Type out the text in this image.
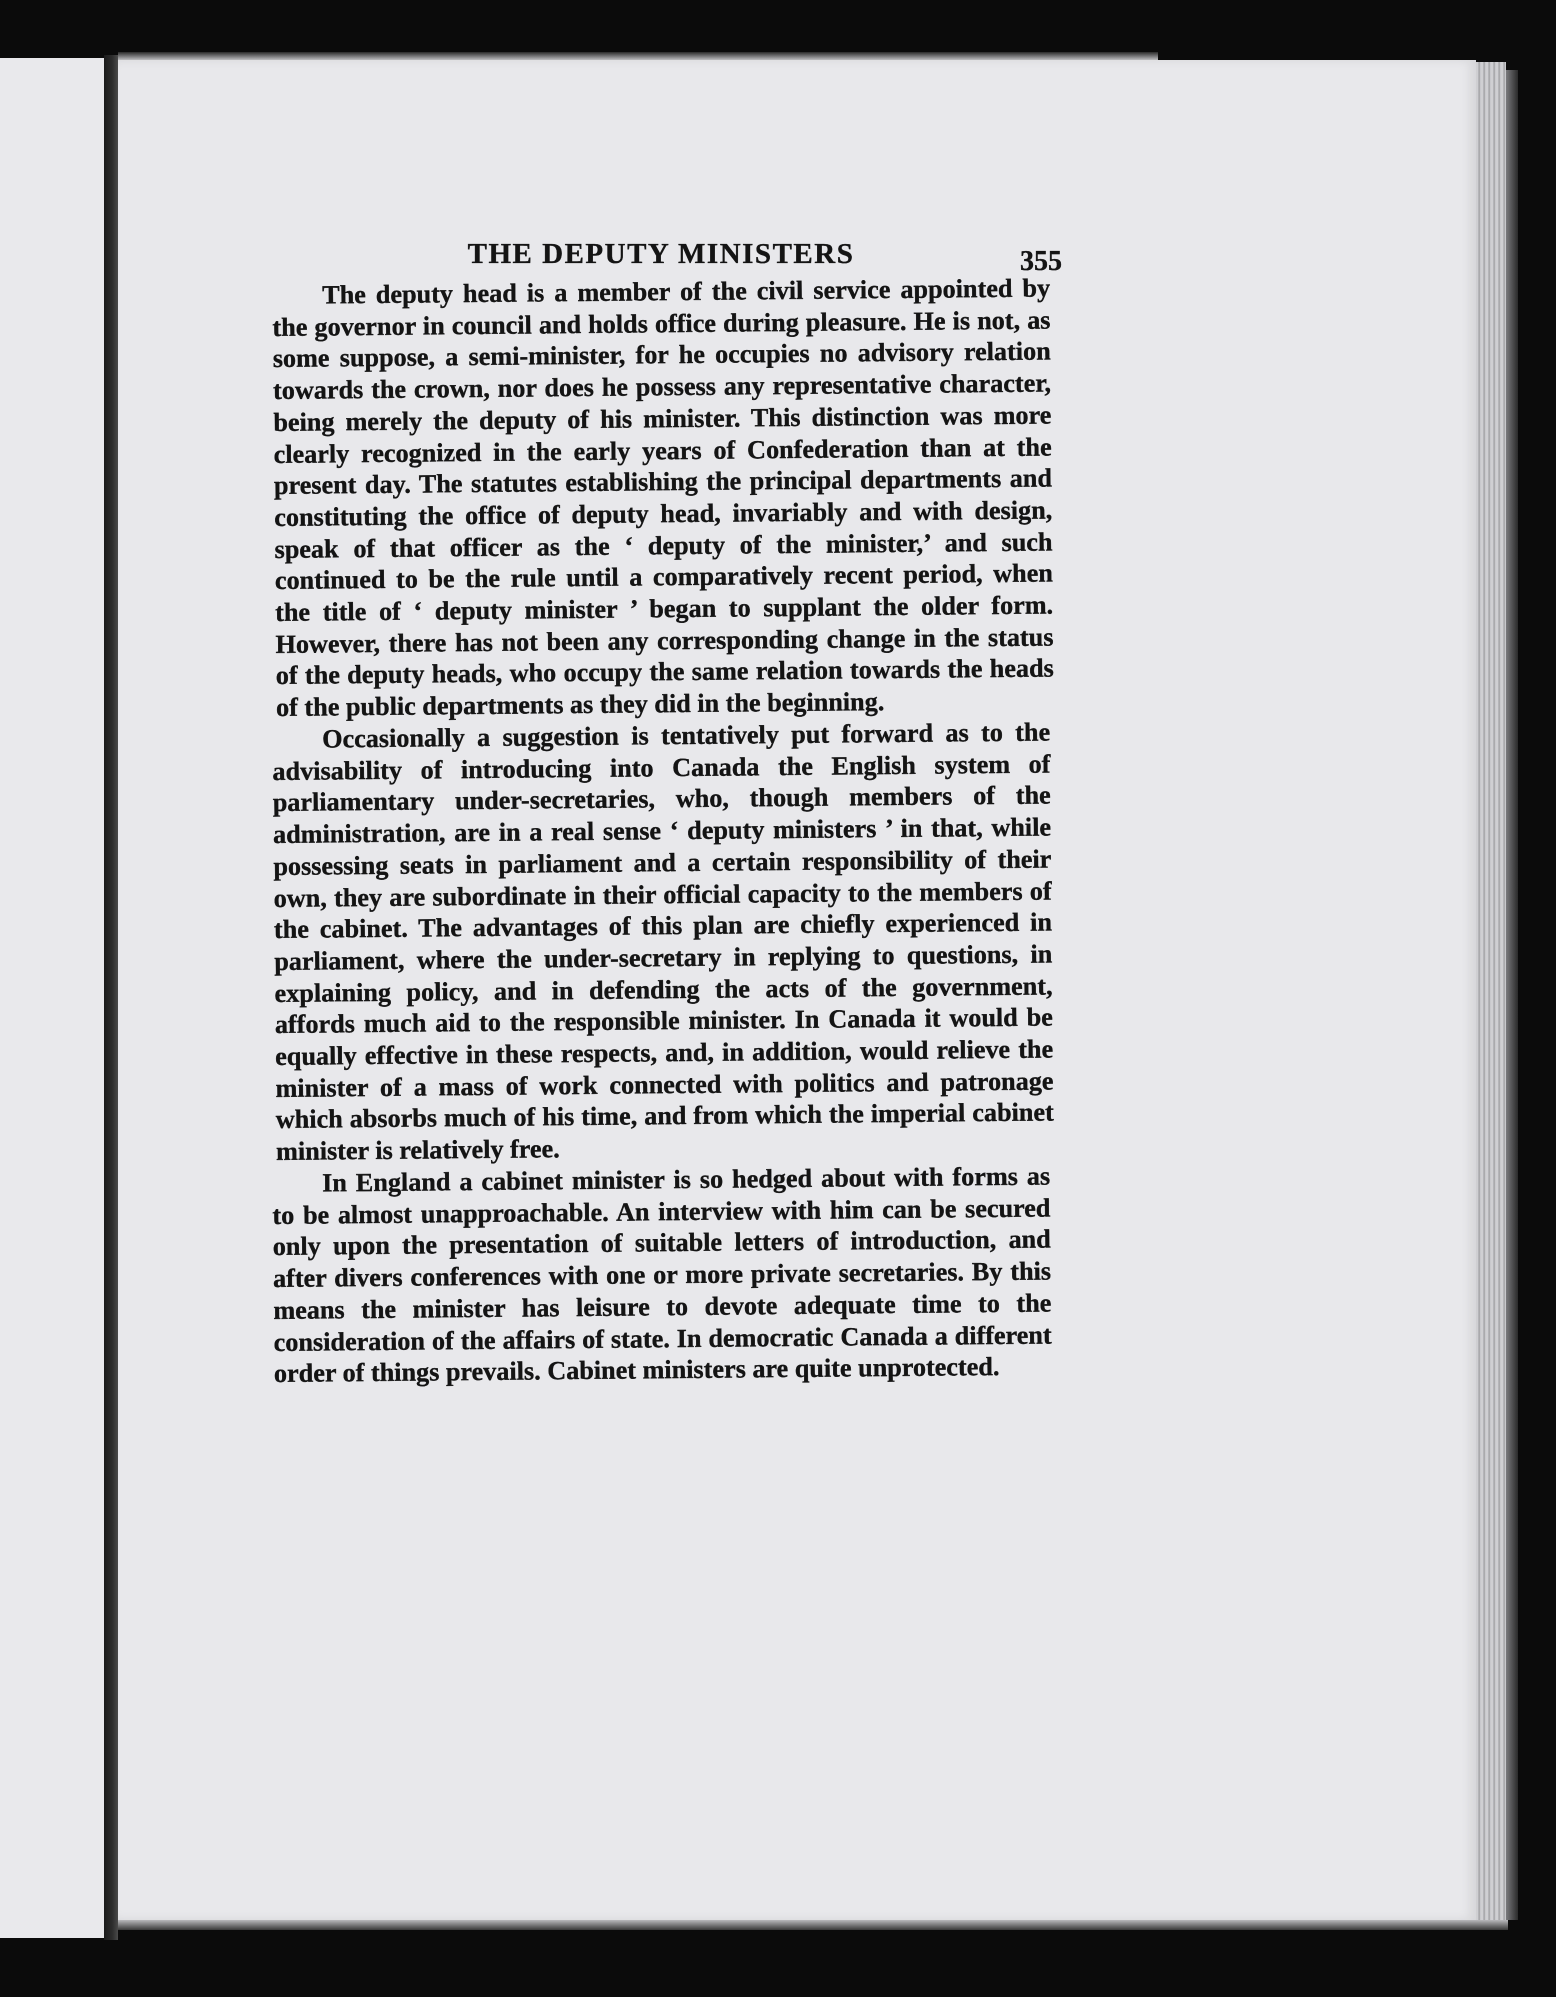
THE DEPUTY MINISTERS	355

The deputy head is a member of the civil service appointed by the governor in council and holds office during pleasure. He is not, as some suppose, a semi-minister, for he occupies no advisory relation towards the crown, nor does he possess any representative character, being merely the deputy of his minister. This distinction was more clearly recognized in the early years of Confederation than at the present day. The statutes establishing the principal departments and constituting the office of deputy head, invariably and with design, speak of that officer as the ‘ deputy of the minister,’ and such continued to be the rule until a comparatively recent period, when the title of ‘ deputy minister ’ began to supplant the older form. However, there has not been any corresponding change in the status of the deputy heads, who occupy the same relation towards the heads of the public departments as they did in the beginning.

Occasionally a suggestion is tentatively put forward as to the advisability of introducing into Canada the English system of parliamentary under-secretaries, who, though members of the administration, are in a real sense ‘ deputy ministers ’ in that, while possessing seats in parliament and a certain responsibility of their own, they are subordinate in their official capacity to the members of the cabinet. The advantages of this plan are chiefly experienced in parliament, where the under-secretary in replying to questions, in explaining policy, and in defending the acts of the government, affords much aid to the responsible minister. In Canada it would be equally effective in these respects, and, in addition, would relieve the minister of a mass of work connected with politics and patronage which absorbs much of his time, and from which the imperial cabinet minister is relatively free.

In England a cabinet minister is so hedged about with forms as to be almost unapproachable. An interview with him can be secured only upon the presentation of suitable letters of introduction, and after divers conferences with one or more private secretaries. By this means the minister has leisure to devote adequate time to the consideration of the affairs of state. In democratic Canada a different order of things prevails. Cabinet ministers are quite unprotected.
